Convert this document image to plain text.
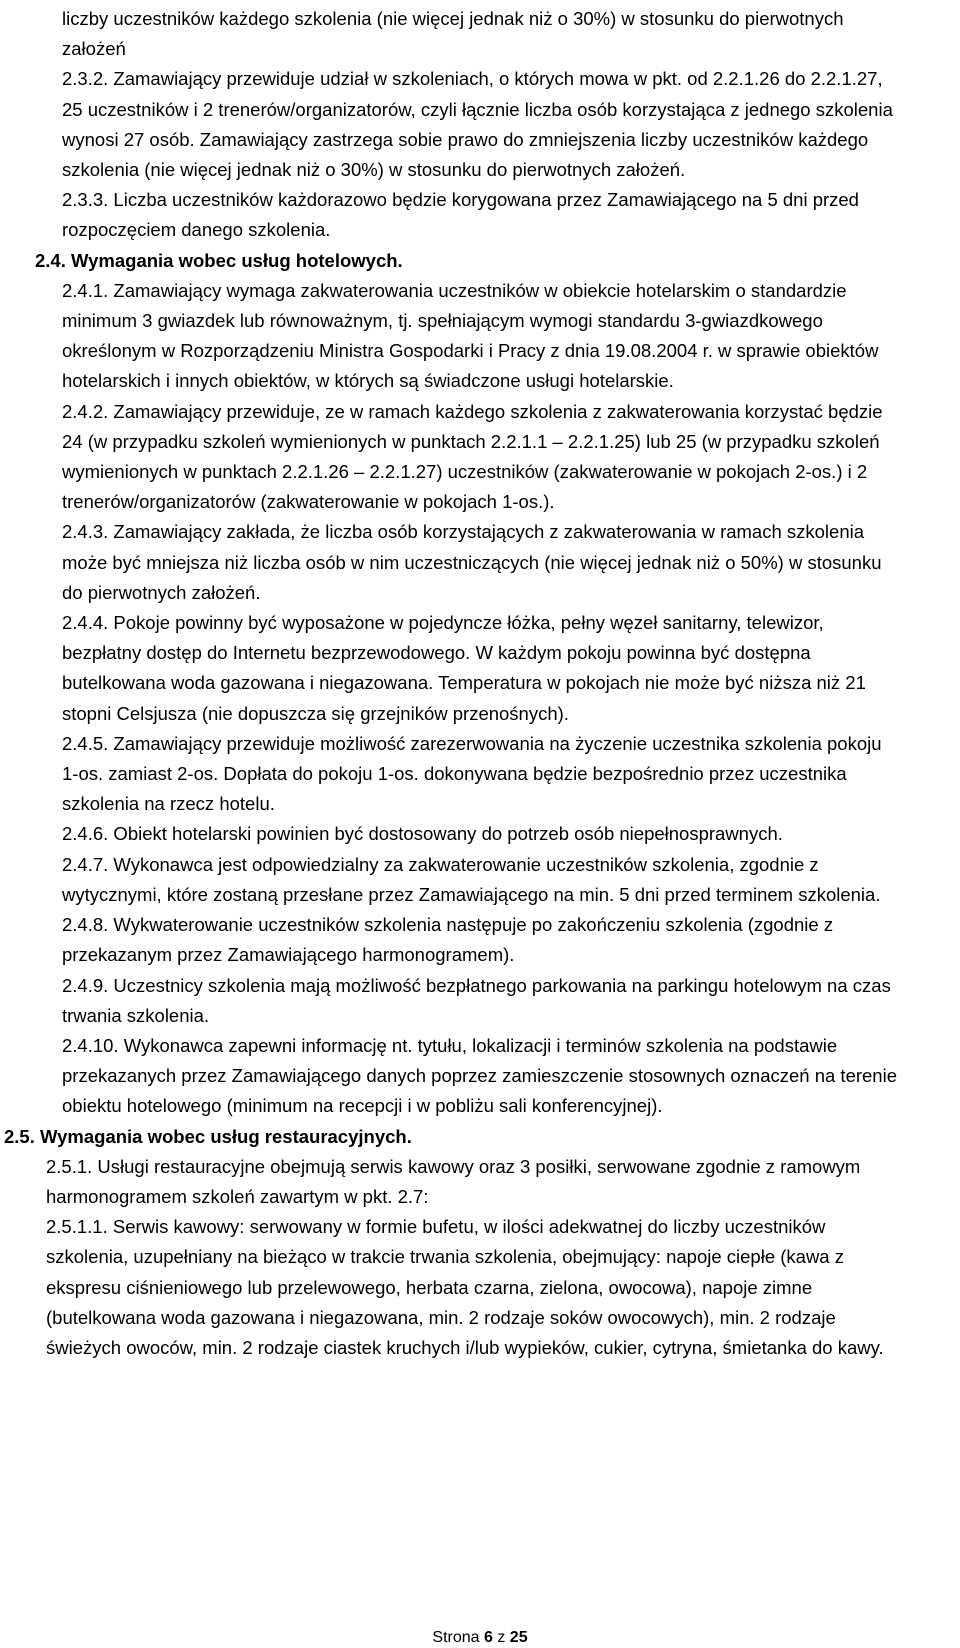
liczby uczestników każdego szkolenia (nie więcej jednak niż o 30%) w stosunku do pierwotnych założeń
2.3.2. Zamawiający przewiduje udział w szkoleniach, o których mowa w pkt. od 2.2.1.26 do 2.2.1.27, 25 uczestników i 2 trenerów/organizatorów, czyli łącznie liczba osób korzystająca z jednego szkolenia wynosi 27 osób. Zamawiający zastrzega sobie prawo do zmniejszenia liczby uczestników każdego szkolenia (nie więcej jednak niż o 30%) w stosunku do pierwotnych założeń.
2.3.3. Liczba uczestników każdorazowo będzie korygowana przez Zamawiającego na 5 dni przed rozpoczęciem danego szkolenia.
2.4. Wymagania wobec usług hotelowych.
2.4.1. Zamawiający wymaga zakwaterowania uczestników w obiekcie hotelarskim o standardzie minimum 3 gwiazdek lub równoważnym, tj. spełniającym wymogi standardu 3-gwiazdkowego określonym w Rozporządzeniu Ministra Gospodarki i Pracy z dnia 19.08.2004 r. w sprawie obiektów hotelarskich i innych obiektów, w których są świadczone usługi hotelarskie.
2.4.2. Zamawiający przewiduje, ze w ramach każdego szkolenia z zakwaterowania korzystać będzie 24 (w przypadku szkoleń wymienionych w punktach 2.2.1.1 – 2.2.1.25) lub 25 (w przypadku szkoleń wymienionych w punktach 2.2.1.26 – 2.2.1.27) uczestników (zakwaterowanie w pokojach 2-os.) i 2 trenerów/organizatorów (zakwaterowanie w pokojach 1-os.).
2.4.3. Zamawiający zakłada, że liczba osób korzystających z zakwaterowania w ramach szkolenia może być mniejsza niż liczba osób w nim uczestniczących (nie więcej jednak niż o 50%) w stosunku do pierwotnych założeń.
2.4.4. Pokoje powinny być wyposażone w pojedyncze łóżka, pełny węzeł sanitarny, telewizor, bezpłatny dostęp do Internetu bezprzewodowego. W każdym pokoju powinna być dostępna butelkowana woda gazowana i niegazowana. Temperatura w pokojach nie może być niższa niż 21 stopni Celsjusza (nie dopuszcza się grzejników przenośnych).
2.4.5. Zamawiający przewiduje możliwość zarezerwowania na życzenie uczestnika szkolenia pokoju 1-os. zamiast 2-os. Dopłata do pokoju 1-os. dokonywana będzie bezpośrednio przez uczestnika szkolenia na rzecz hotelu.
2.4.6. Obiekt hotelarski powinien być dostosowany do potrzeb osób niepełnosprawnych.
2.4.7. Wykonawca jest odpowiedzialny za zakwaterowanie uczestników szkolenia, zgodnie z wytycznymi, które zostaną przesłane przez Zamawiającego na min. 5 dni przed terminem szkolenia.
2.4.8. Wykwaterowanie uczestników szkolenia następuje po zakończeniu szkolenia (zgodnie z przekazanym przez Zamawiającego harmonogramem).
2.4.9. Uczestnicy szkolenia mają możliwość bezpłatnego parkowania na parkingu hotelowym na czas trwania szkolenia.
2.4.10. Wykonawca zapewni informację nt. tytułu, lokalizacji i terminów szkolenia na podstawie przekazanych przez Zamawiającego danych poprzez zamieszczenie stosownych oznaczeń na terenie obiektu hotelowego (minimum na recepcji i w pobliżu sali konferencyjnej).
2.5. Wymagania wobec usług restauracyjnych.
2.5.1. Usługi restauracyjne obejmują serwis kawowy oraz 3 posiłki, serwowane zgodnie z ramowym harmonogramem szkoleń zawartym w pkt. 2.7:
2.5.1.1. Serwis kawowy: serwowany w formie bufetu, w ilości adekwatnej do liczby uczestników szkolenia, uzupełniany na bieżąco w trakcie trwania szkolenia, obejmujący: napoje ciepłe (kawa z ekspresu ciśnieniowego lub przelewowego, herbata czarna, zielona, owocowa), napoje zimne (butelkowana woda gazowana i niegazowana, min. 2 rodzaje soków owocowych), min. 2 rodzaje świeżych owoców, min. 2 rodzaje ciastek kruchych i/lub wypieków, cukier, cytryna, śmietanka do kawy.
Strona 6 z 25
